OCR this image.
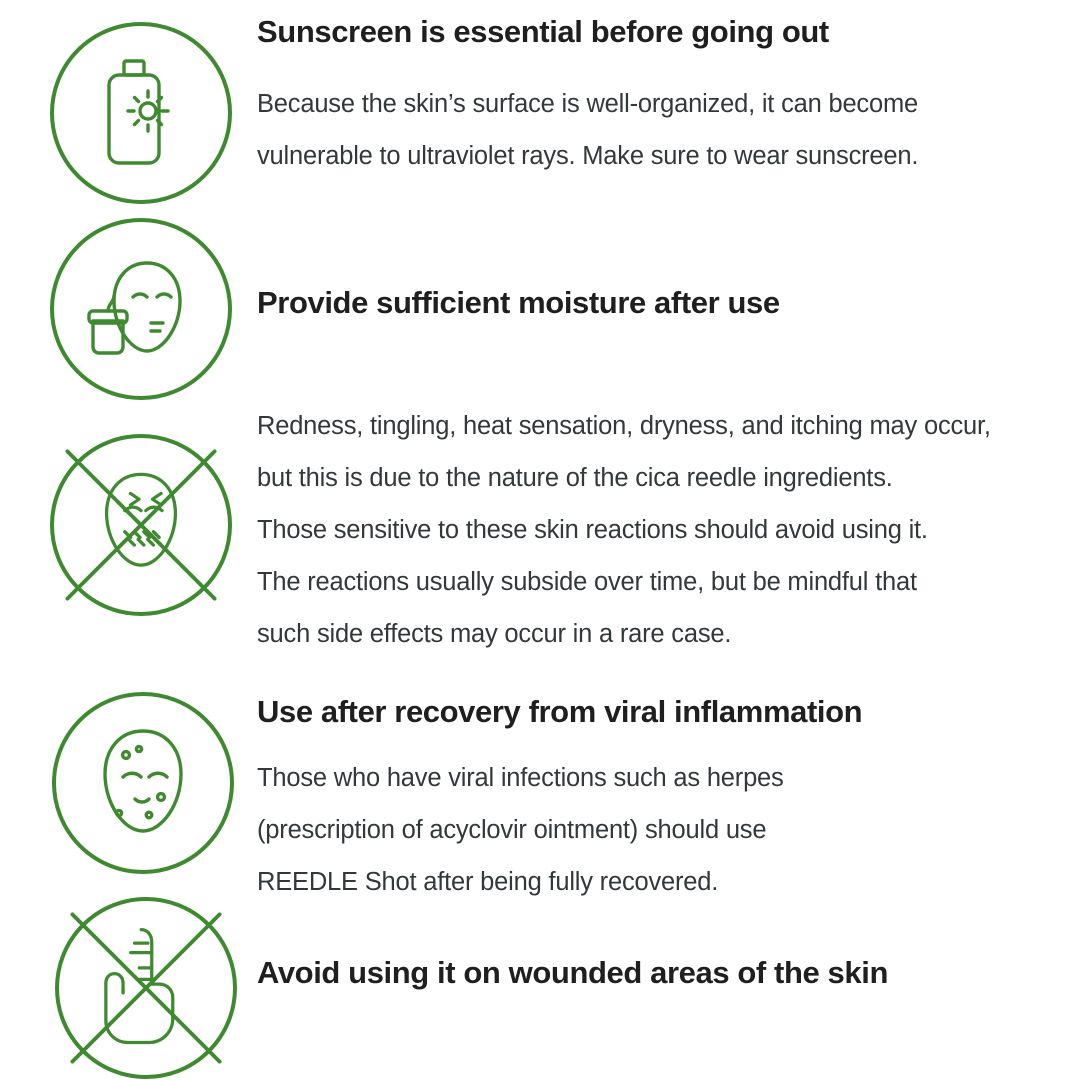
Sunscreen is essential before going out
Because the skin’s surface is well-organized, it can become
vulnerable to ultraviolet rays. Make sure to wear sunscreen.
Provide sufficient moisture after use
Redness, tingling, heat sensation, dryness, and itching may occur,
but this is due to the nature of the cica reedle ingredients.
Those sensitive to these skin reactions should avoid using it.
The reactions usually subside over time, but be mindful that
such side effects may occur in a rare case.
Use after recovery from viral inflammation
Those who have viral infections such as herpes
(prescription of acyclovir ointment) should use
REEDLE Shot after being fully recovered.
Avoid using it on wounded areas of the skin
